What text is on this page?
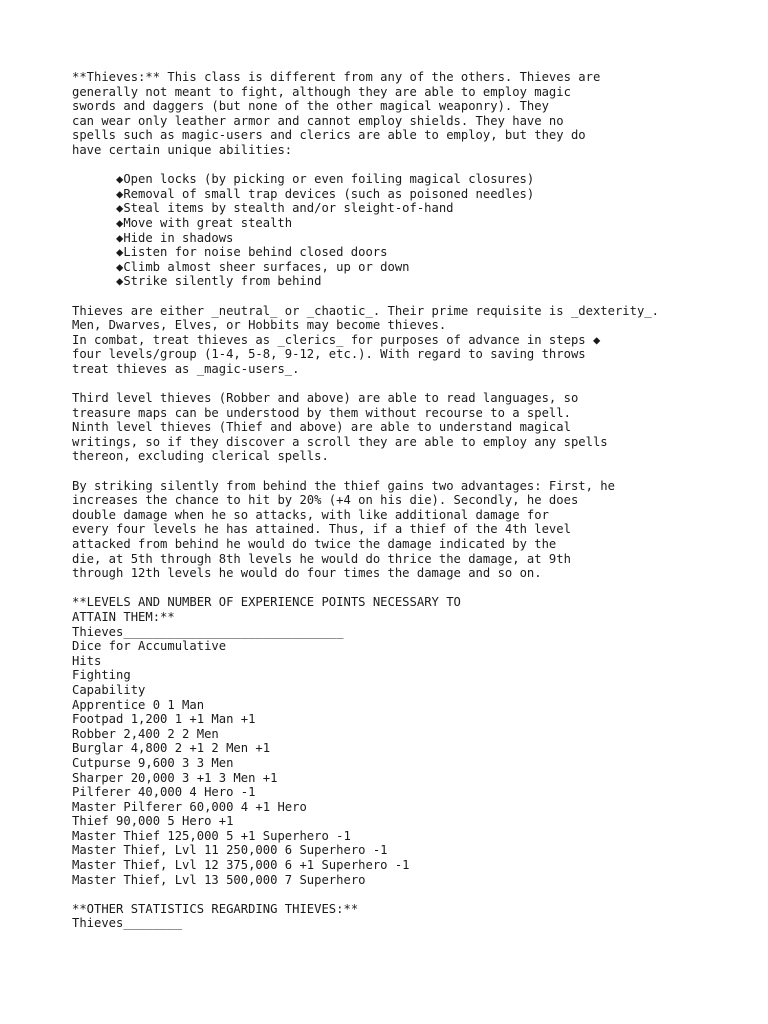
**Thieves:** This class is different from any of the others. Thieves are
generally not meant to fight, although they are able to employ magic
swords and daggers (but none of the other magical weaponry). They
can wear only leather armor and cannot employ shields. They have no
spells such as magic-users and clerics are able to employ, but they do
have certain unique abilities:
◆Open locks (by picking or even foiling magical closures)
◆Removal of small trap devices (such as poisoned needles)
◆Steal items by stealth and/or sleight-of-hand
◆Move with great stealth
◆Hide in shadows
◆Listen for noise behind closed doors
◆Climb almost sheer surfaces, up or down
◆Strike silently from behind
Thieves are either _neutral_ or _chaotic_. Their prime requisite is _dexterity_.
Men, Dwarves, Elves, or Hobbits may become thieves.
In combat, treat thieves as _clerics_ for purposes of advance in steps ◆
four levels/group (1-4, 5-8, 9-12, etc.). With regard to saving throws
treat thieves as _magic-users_.
Third level thieves (Robber and above) are able to read languages, so
treasure maps can be understood by them without recourse to a spell.
Ninth level thieves (Thief and above) are able to understand magical
writings, so if they discover a scroll they are able to employ any spells
thereon, excluding clerical spells.
By striking silently from behind the thief gains two advantages: First, he
increases the chance to hit by 20% (+4 on his die). Secondly, he does
double damage when he so attacks, with like additional damage for
every four levels he has attained. Thus, if a thief of the 4th level
attacked from behind he would do twice the damage indicated by the
die, at 5th through 8th levels he would do thrice the damage, at 9th
through 12th levels he would do four times the damage and so on.
**LEVELS AND NUMBER OF EXPERIENCE POINTS NECESSARY TO
ATTAIN THEM:**
Thieves______________________________
Dice for Accumulative
Hits
Fighting
Capability
Apprentice 0 1 Man
Footpad 1,200 1 +1 Man +1
Robber 2,400 2 2 Men
Burglar 4,800 2 +1 2 Men +1
Cutpurse 9,600 3 3 Men
Sharper 20,000 3 +1 3 Men +1
Pilferer 40,000 4 Hero -1
Master Pilferer 60,000 4 +1 Hero
Thief 90,000 5 Hero +1
Master Thief 125,000 5 +1 Superhero -1
Master Thief, Lvl 11 250,000 6 Superhero -1
Master Thief, Lvl 12 375,000 6 +1 Superhero -1
Master Thief, Lvl 13 500,000 7 Superhero
**OTHER STATISTICS REGARDING THIEVES:**
Thieves________
